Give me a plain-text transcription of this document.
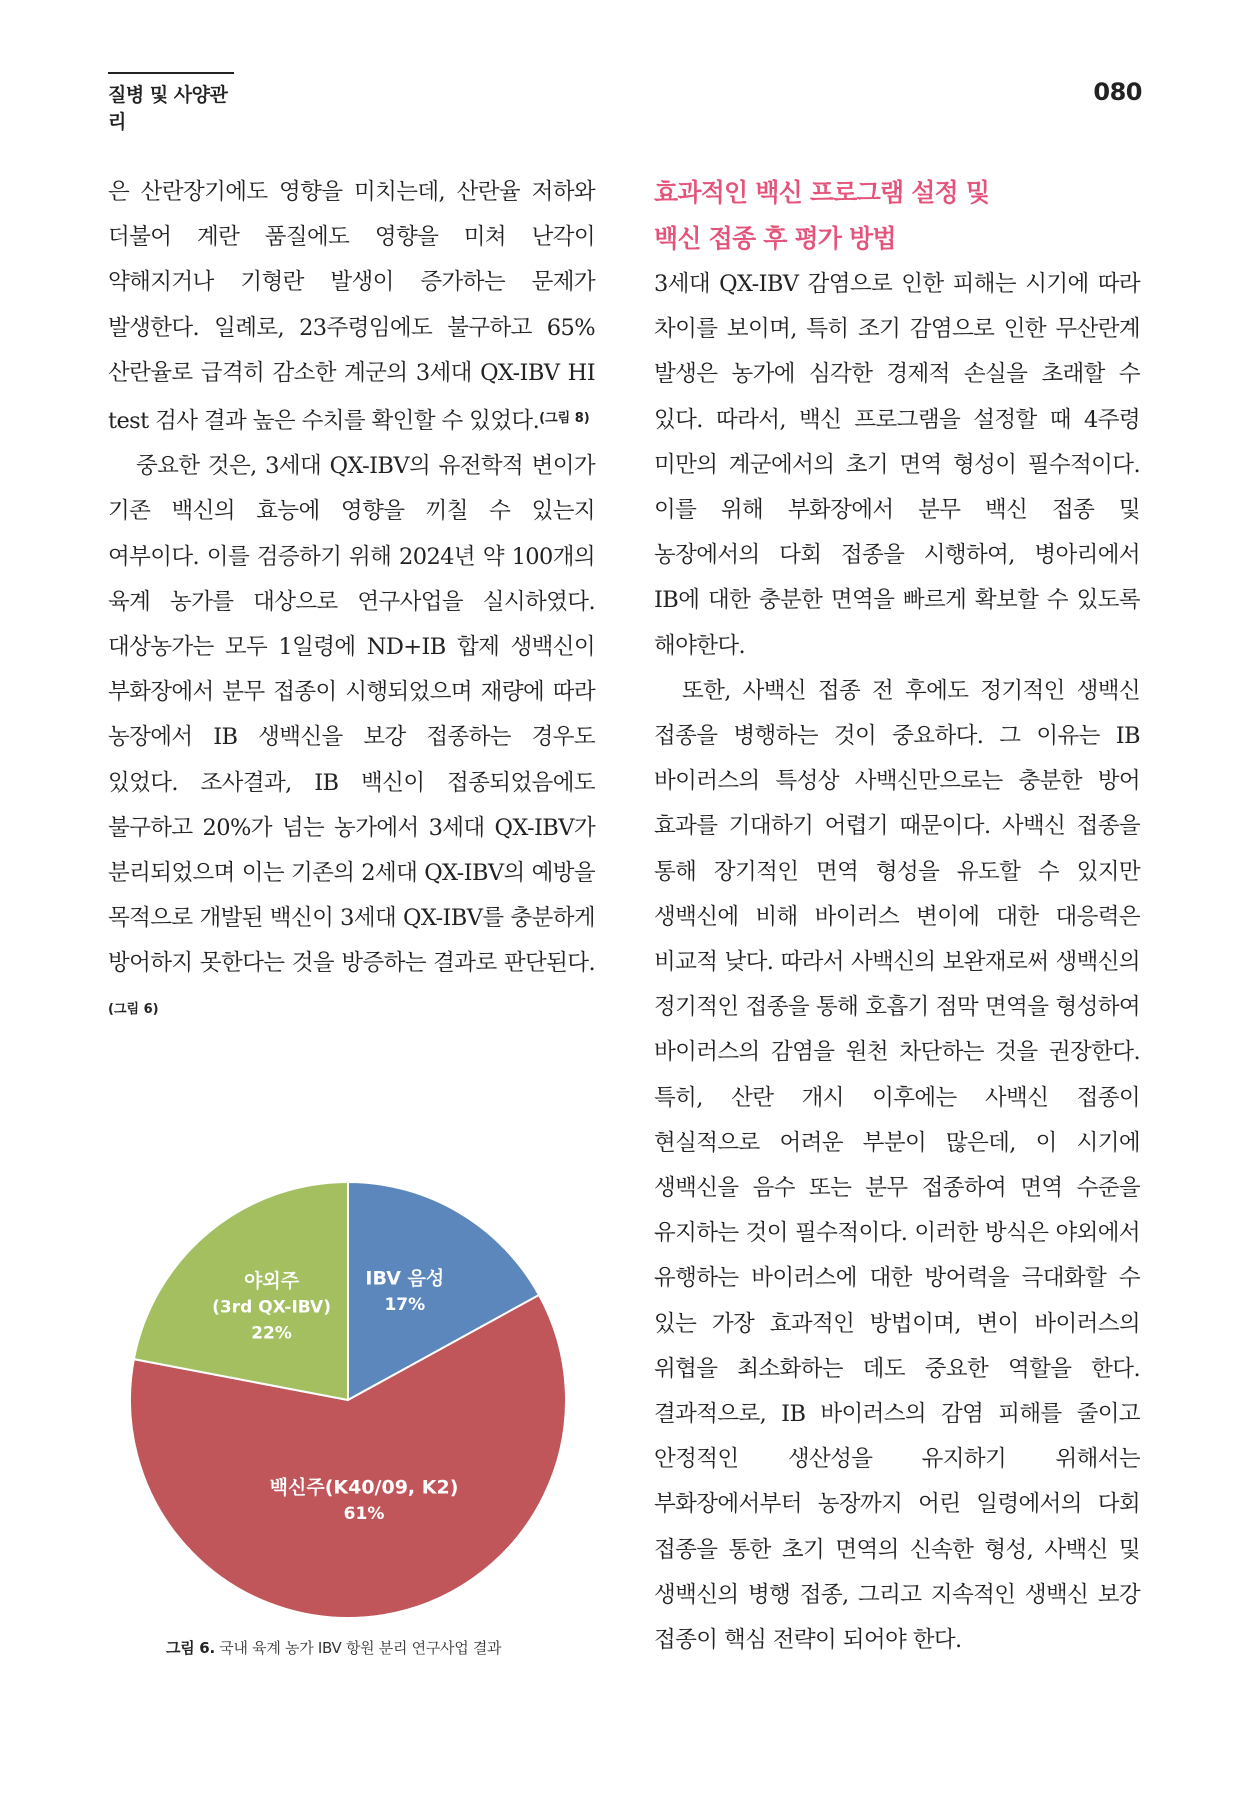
질병 및 사양관리
080

은 산란장기에도 영향을 미치는데, 산란율 저하와 더불어 계란 품질에도 영향을 미쳐 난각이 약해지거나 기형란 발생이 증가하는 문제가 발생한다. 일례로, 23주령임에도 불구하고 65% 산란율로 급격히 감소한 계군의 3세대 QX-IBV HI test 검사 결과 높은 수치를 확인할 수 있었다.$^{(그림 8)}$

중요한 것은, 3세대 QX-IBV의 유전학적 변이가 기존 백신의 효능에 영향을 끼칠 수 있는지 여부이다. 이를 검증하기 위해 2024년 약 100개의 육계 농가를 대상으로 연구사업을 실시하였다. 대상농가는 모두 1일령에 ND+IB 합제 생백신이 부화장에서 분무 접종이 시행되었으며 재량에 따라 농장에서 IB 생백신을 보강 접종하는 경우도 있었다. 조사결과, IB 백신이 접종되었음에도 불구하고 20%가 넘는 농가에서 3세대 QX-IBV가 분리되었으며 이는 기존의 2세대 QX-IBV의 예방을 목적으로 개발된 백신이 3세대 QX-IBV를 충분하게 방어하지 못한다는 것을 방증하는 결과로 판단된다.$^{(그림 6)}$

효과적인 백신 프로그램 설정 및
백신 접종 후 평가 방법

3세대 QX-IBV 감염으로 인한 피해는 시기에 따라 차이를 보이며, 특히 조기 감염으로 인한 무산란계 발생은 농가에 심각한 경제적 손실을 초래할 수 있다. 따라서, 백신 프로그램을 설정할 때 4주령 미만의 계군에서의 초기 면역 형성이 필수적이다. 이를 위해 부화장에서 분무 백신 접종 및 농장에서의 다회 접종을 시행하여, 병아리에서 IB에 대한 충분한 면역을 빠르게 확보할 수 있도록 해야한다.

또한, 사백신 접종 전 후에도 정기적인 생백신 접종을 병행하는 것이 중요하다. 그 이유는 IB 바이러스의 특성상 사백신만으로는 충분한 방어 효과를 기대하기 어렵기 때문이다. 사백신 접종을 통해 장기적인 면역 형성을 유도할 수 있지만 생백신에 비해 바이러스 변이에 대한 대응력은 비교적 낮다. 따라서 사백신의 보완재로써 생백신의 정기적인 접종을 통해 호흡기 점막 면역을 형성하여 바이러스의 감염을 원천 차단하는 것을 권장한다. 특히, 산란 개시 이후에는 사백신 접종이 현실적으로 어려운 부분이 많은데, 이 시기에 생백신을 음수 또는 분무 접종하여 면역 수준을 유지하는 것이 필수적이다. 이러한 방식은 야외에서 유행하는 바이러스에 대한 방어력을 극대화할 수 있는 가장 효과적인 방법이며, 변이 바이러스의 위협을 최소화하는 데도 중요한 역할을 한다. 결과적으로, IB 바이러스의 감염 피해를 줄이고 안정적인 생산성을 유지하기 위해서는 부화장에서부터 농장까지 어린 일령에서의 다회 접종을 통한 초기 면역의 신속한 형성, 사백신 및 생백신의 병행 접종, 그리고 지속적인 생백신 보강 접종이 핵심 전략이 되어야 한다.

IBV 음성
17%
백신주(K40/09, K2)
61%
야외주
(3rd QX-IBV)
22%
그림 6. 국내 육계 농가 IBV 항원 분리 연구사업 결과
